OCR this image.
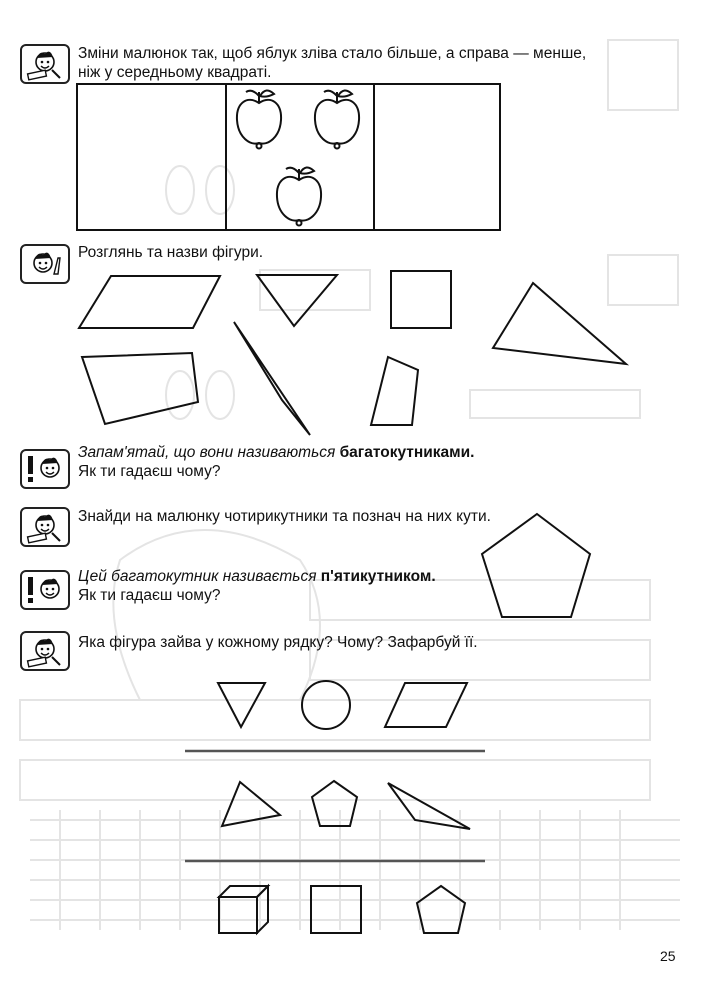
Зміни малюнок так, щоб яблук зліва стало більше, а справа — менше,
ніж у середньому квадраті.
Розглянь та назви фігури.
Запам'ятай, що вони називаються багатокутниками.
Як ти гадаєш чому?
Знайди на малюнку чотирикутники та познач на них кути.
Цей багатокутник називається п'ятикутником.
Як ти гадаєш чому?
Яка фігура зайва у кожному рядку? Чому? Зафарбуй її.
25
